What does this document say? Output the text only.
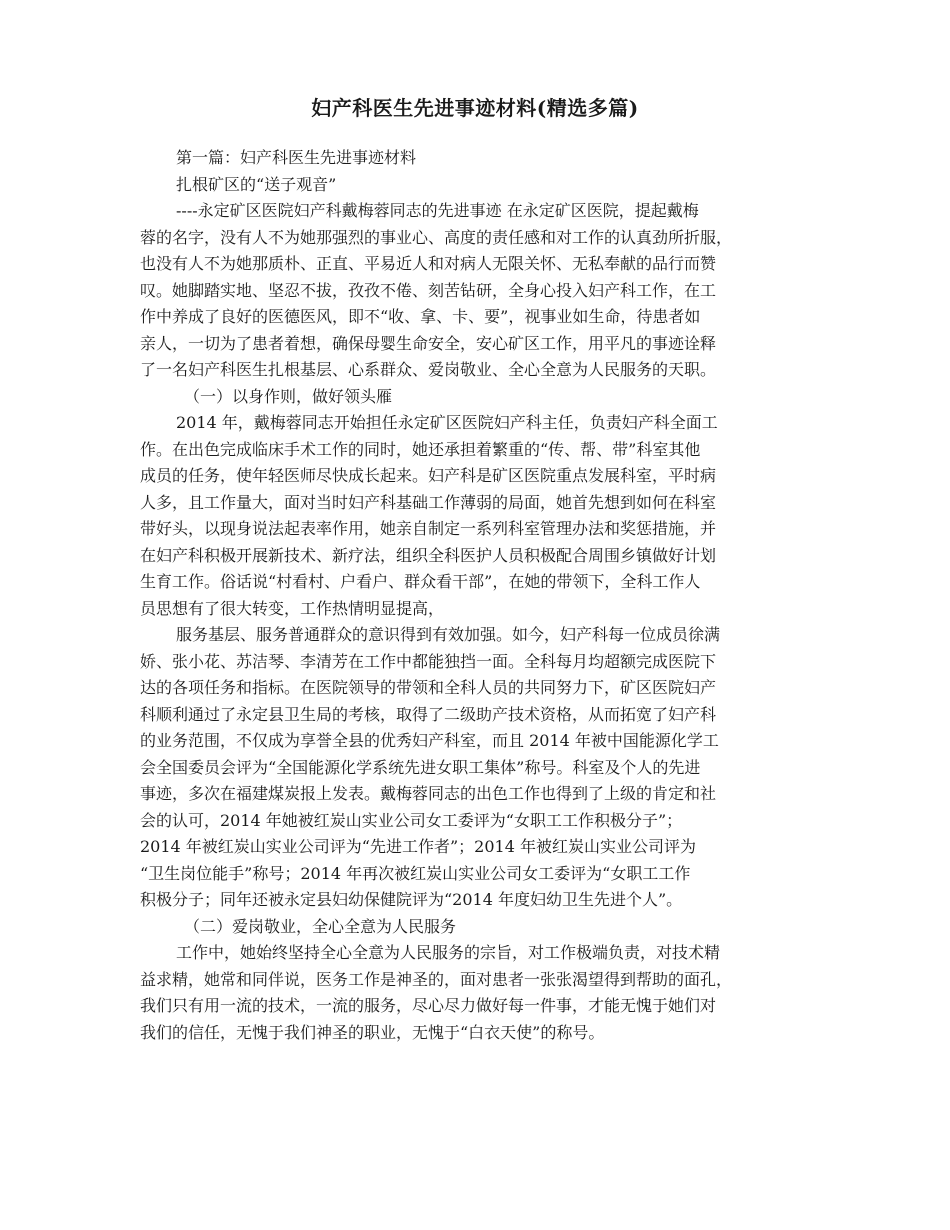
妇产科医生先进事迹材料(精选多篇)
第一篇：妇产科医生先进事迹材料
扎根矿区的“送子观音”
----永定矿区医院妇产科戴梅蓉同志的先进事迹 在永定矿区医院，提起戴梅
蓉的名字，没有人不为她那强烈的事业心、高度的责任感和对工作的认真劲所折服，
也没有人不为她那质朴、正直、平易近人和对病人无限关怀、无私奉献的品行而赞
叹。她脚踏实地、坚忍不拔，孜孜不倦、刻苦钻研，全身心投入妇产科工作，在工
作中养成了良好的医德医风，即不“收、拿、卡、要”，视事业如生命，待患者如
亲人，一切为了患者着想，确保母婴生命安全，安心矿区工作，用平凡的事迹诠释
了一名妇产科医生扎根基层、心系群众、爱岗敬业、全心全意为人民服务的天职。
（一）以身作则，做好领头雁
2014 年，戴梅蓉同志开始担任永定矿区医院妇产科主任，负责妇产科全面工
作。在出色完成临床手术工作的同时，她还承担着繁重的“传、帮、带”科室其他
成员的任务，使年轻医师尽快成长起来。妇产科是矿区医院重点发展科室，平时病
人多，且工作量大，面对当时妇产科基础工作薄弱的局面，她首先想到如何在科室
带好头，以现身说法起表率作用，她亲自制定一系列科室管理办法和奖惩措施，并
在妇产科积极开展新技术、新疗法，组织全科医护人员积极配合周围乡镇做好计划
生育工作。俗话说“村看村、户看户、群众看干部”，在她的带领下，全科工作人
员思想有了很大转变，工作热情明显提高，
服务基层、服务普通群众的意识得到有效加强。如今，妇产科每一位成员徐满
娇、张小花、苏洁琴、李清芳在工作中都能独挡一面。全科每月均超额完成医院下
达的各项任务和指标。在医院领导的带领和全科人员的共同努力下，矿区医院妇产
科顺利通过了永定县卫生局的考核，取得了二级助产技术资格，从而拓宽了妇产科
的业务范围，不仅成为享誉全县的优秀妇产科室，而且 2014 年被中国能源化学工
会全国委员会评为“全国能源化学系统先进女职工集体”称号。科室及个人的先进
事迹，多次在福建煤炭报上发表。戴梅蓉同志的出色工作也得到了上级的肯定和社
会的认可，2014 年她被红炭山实业公司女工委评为“女职工工作积极分子”；
2014 年被红炭山实业公司评为“先进工作者”；2014 年被红炭山实业公司评为
“卫生岗位能手”称号；2014 年再次被红炭山实业公司女工委评为“女职工工作
积极分子；同年还被永定县妇幼保健院评为“2014 年度妇幼卫生先进个人”。
（二）爱岗敬业，全心全意为人民服务
工作中，她始终坚持全心全意为人民服务的宗旨，对工作极端负责，对技术精
益求精，她常和同伴说，医务工作是神圣的，面对患者一张张渴望得到帮助的面孔，
我们只有用一流的技术，一流的服务，尽心尽力做好每一件事，才能无愧于她们对
我们的信任，无愧于我们神圣的职业，无愧于“白衣天使”的称号。
